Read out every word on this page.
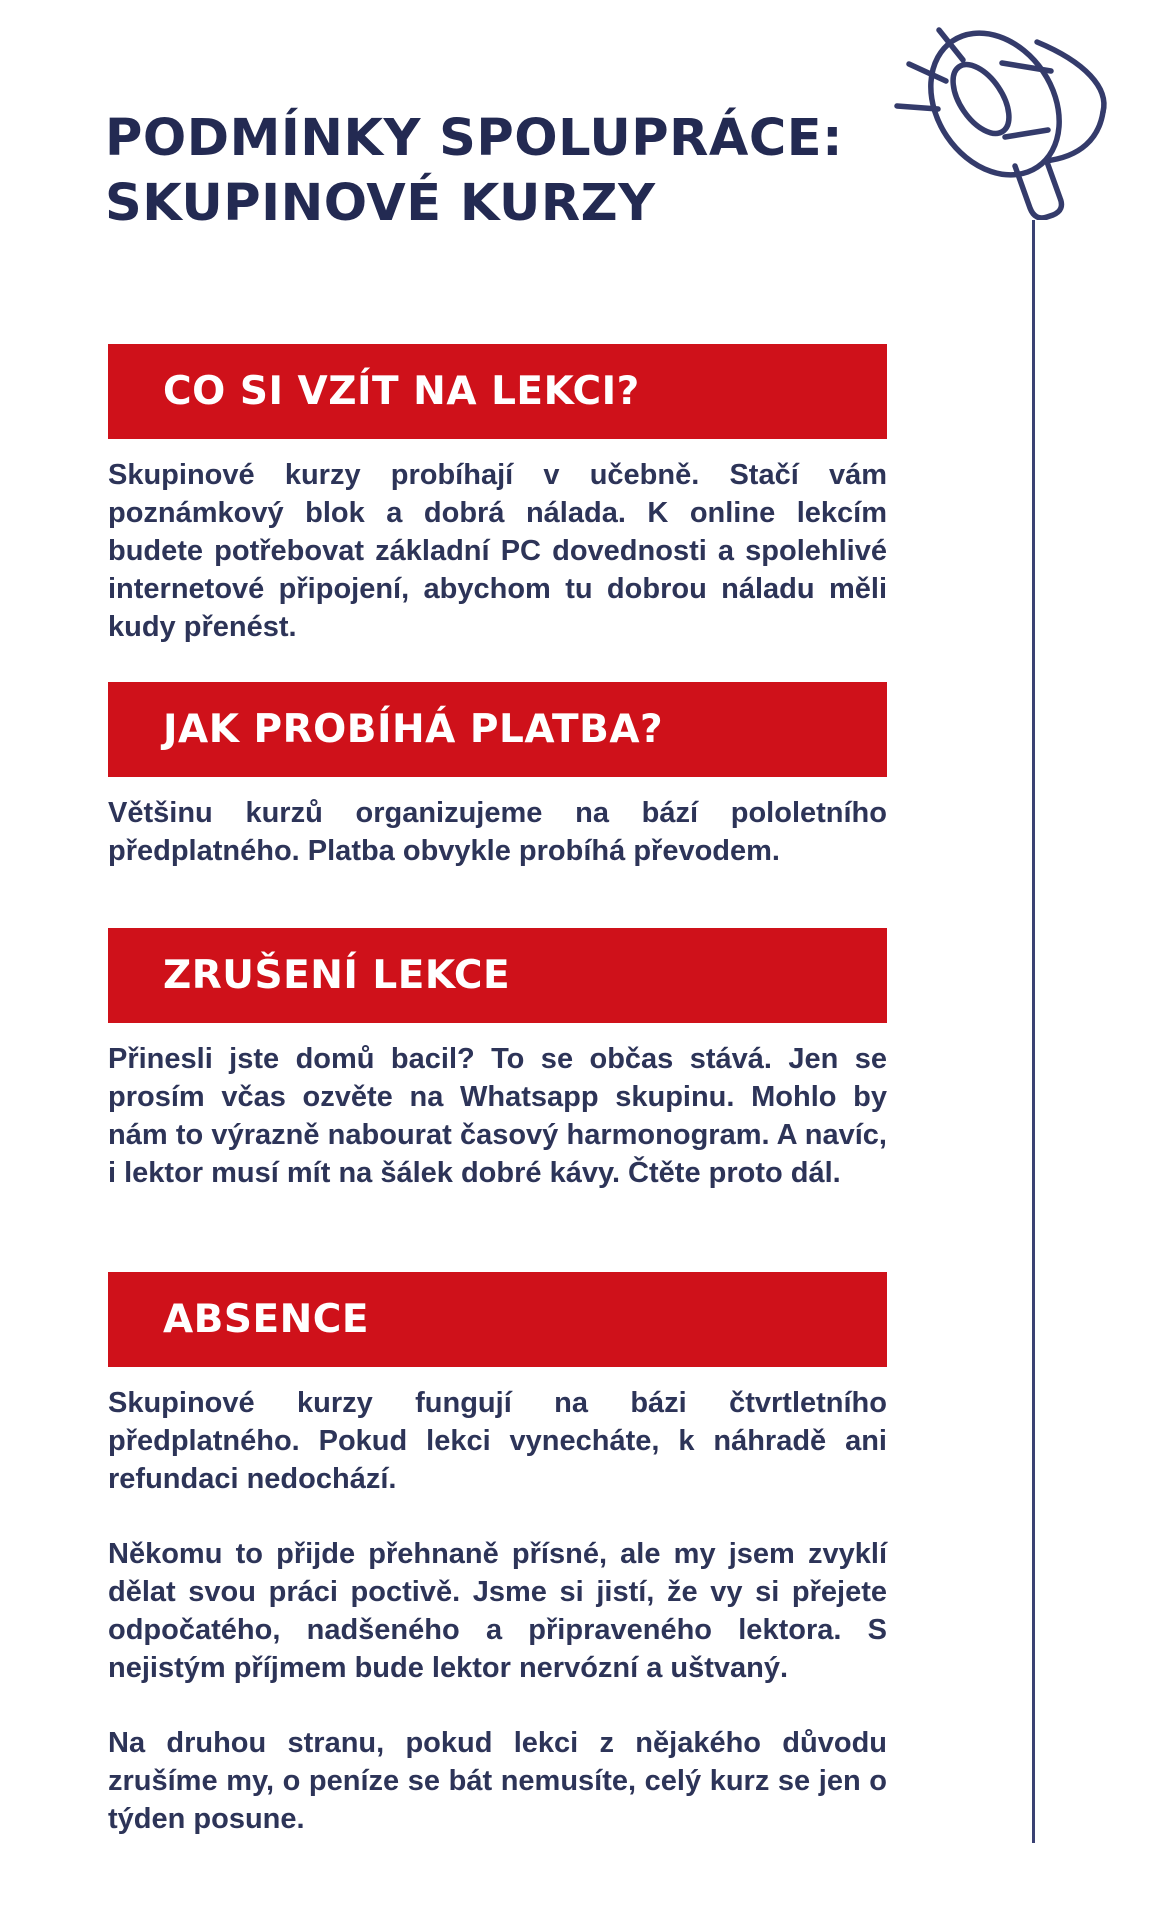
PODMÍNKY SPOLUPRÁCE:
SKUPINOVÉ KURZY
CO SI VZÍT NA LEKCI?

Skupinové kurzy probíhají v učebně. Stačí vám poznámkový blok a dobrá nálada. K online lekcím budete potřebovat základní PC dovednosti a spolehlivé internetové připojení, abychom tu dobrou náladu měli kudy přenést.

JAK PROBÍHÁ PLATBA?

Většinu kurzů organizujeme na bází pololetního předplatného. Platba obvykle probíhá převodem.

ZRUŠENÍ LEKCE

Přinesli jste domů bacil? To se občas stává. Jen se prosím včas ozvěte na Whatsapp skupinu. Mohlo by nám to výrazně nabourat časový harmonogram. A navíc, i lektor musí mít na šálek dobré kávy. Čtěte proto dál.

ABSENCE

Skupinové kurzy fungují na bázi čtvrtletního předplatného. Pokud lekci vynecháte, k náhradě ani refundaci nedochází.

Někomu to přijde přehnaně přísné, ale my jsem zvyklí dělat svou práci poctivě. Jsme si jistí, že vy si přejete odpočatého, nadšeného a připraveného lektora. S nejistým příjmem bude lektor nervózní a uštvaný.

Na druhou stranu, pokud lekci z nějakého důvodu zrušíme my, o peníze se bát nemusíte, celý kurz se jen o týden posune.
